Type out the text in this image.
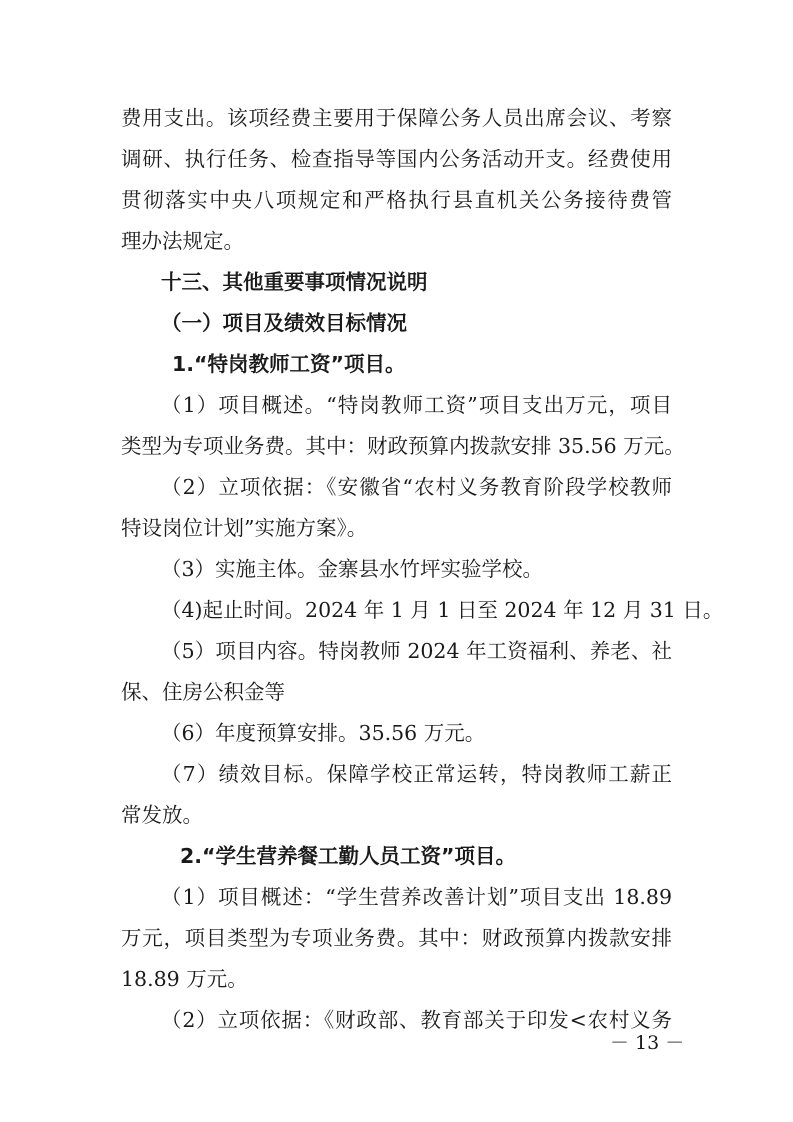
费用支出。该项经费主要用于保障公务人员出席会议、考察
调研、执行任务、检查指导等国内公务活动开支。经费使用
贯彻落实中央八项规定和严格执行县直机关公务接待费管
理办法规定。
十三、其他重要事项情况说明
（一）项目及绩效目标情况
1.“特岗教师工资”项目。
（1）项目概述。“特岗教师工资”项目支出万元，项目
类型为专项业务费。其中：财政预算内拨款安排 35.56 万元。
（2）立项依据：《安徽省“农村义务教育阶段学校教师
特设岗位计划”实施方案》。
（3）实施主体。金寨县水竹坪实验学校。
（4)起止时间。2024 年 1 月 1 日至 2024 年 12 月 31 日。
（5）项目内容。特岗教师 2024 年工资福利、养老、社
保、住房公积金等
（6）年度预算安排。35.56 万元。
（7）绩效目标。保障学校正常运转，特岗教师工薪正
常发放。
2.“学生营养餐工勤人员工资”项目。
（1）项目概述：“学生营养改善计划”项目支出 18.89
万元，项目类型为专项业务费。其中：财政预算内拨款安排
18.89 万元。
（2）立项依据：《财政部、教育部关于印发<农村义务
－ 13 －
